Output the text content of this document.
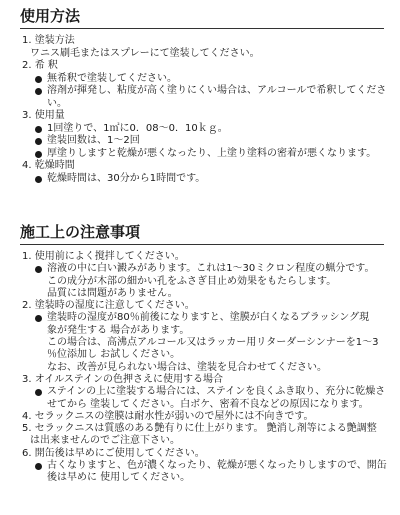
使用方法
1. 塗装方法
ワニス刷毛またはスプレーにて塗装してください。
2. 希 釈
無希釈で塗装してください。
溶剤が揮発し、粘度が高く塗りにくい場合は、アルコールで希釈してくださ
い。
3. 使用量
1回塗りで、1㎡に0．08～0．10ｋｇ。
塗装回数は、1～2回
厚塗りしますと乾燥が悪くなったり、上塗り塗料の密着が悪くなります。
4. 乾燥時間
乾燥時間は、30分から1時間です。
施工上の注意事項
1. 使用前によく撹拌してください。
溶液の中に白い澱みがあります。これは1～30ミクロン程度の蝋分です。
この成分が木部の細かい孔をふさぎ目止め効果をもたらします。
品質には問題がありません。
2. 塗装時の湿度に注意してください。
塗装時の湿度が80％前後になりますと、塗膜が白くなるブラッシング現
象が発生する 場合があります。
この場合は、高沸点アルコール又はラッカー用リターダーシンナーを1～3
％位添加し お試しください。
なお、改善が見られない場合は、塗装を見合わせてください。
3. オイルステインの色押さえに使用する場合
ステインの上に塗装する場合には、ステインを良くふき取り、充分に乾燥さ
せてから 塗装してください。白ボケ、密着不良などの原因になります。
4. セラックニスの塗膜は耐水性が弱いので屋外には不向きです。
5. セラックニスは質感のある艶有りに仕上がります。 艶消し剤等による艶調整
は出来ませんのでご注意下さい。
6. 開缶後は早めにご使用してください。
古くなりますと、色が濃くなったり、乾燥が悪くなったりしますので、開缶
後は早めに 使用してください。
